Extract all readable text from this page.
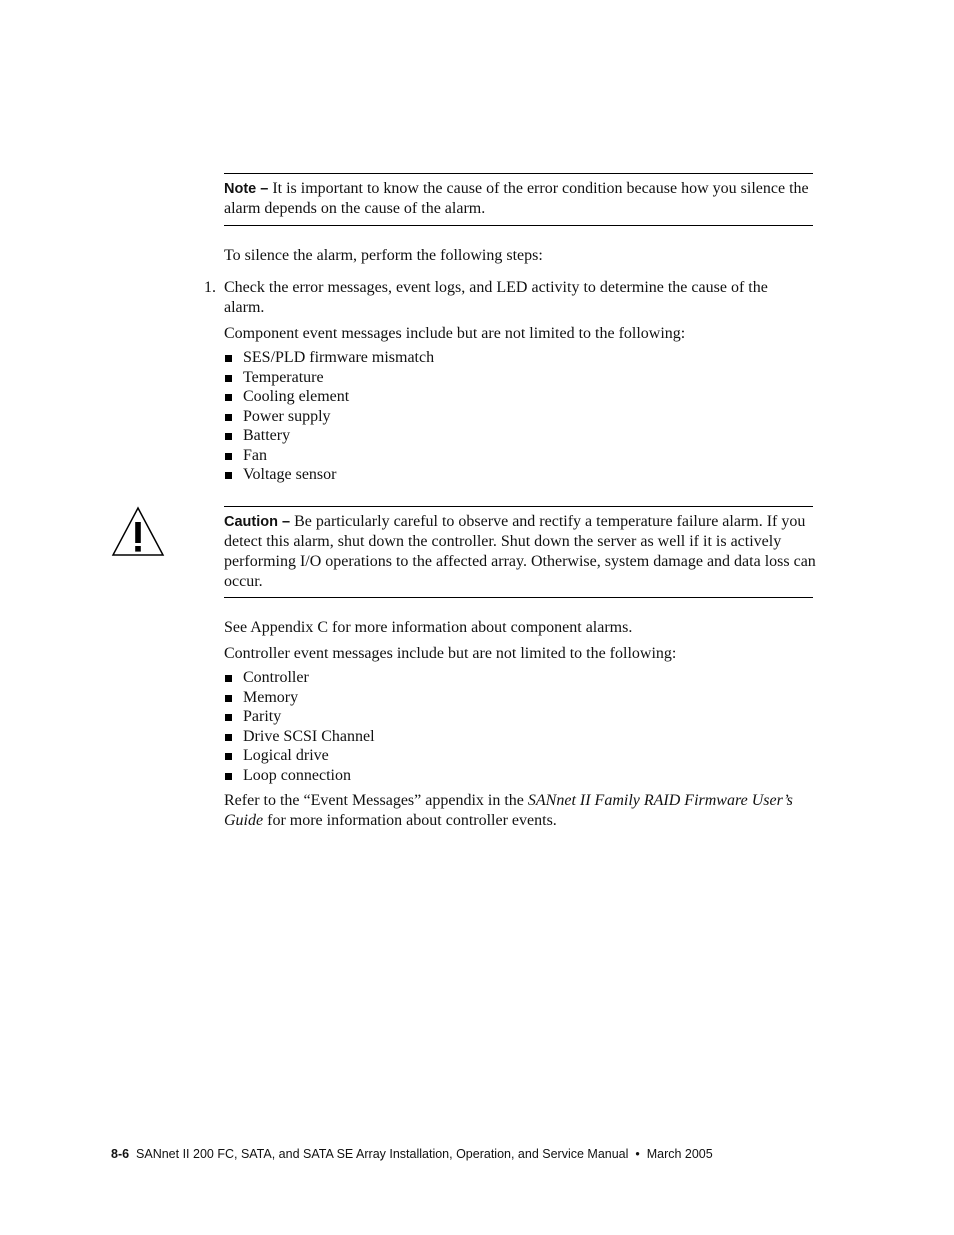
Note – It is important to know the cause of the error condition because how you silence the alarm depends on the cause of the alarm.
To silence the alarm, perform the following steps:
1. Check the error messages, event logs, and LED activity to determine the cause of the alarm.
Component event messages include but are not limited to the following:
SES/PLD firmware mismatch
Temperature
Cooling element
Power supply
Battery
Fan
Voltage sensor
Caution – Be particularly careful to observe and rectify a temperature failure alarm. If you detect this alarm, shut down the controller. Shut down the server as well if it is actively performing I/O operations to the affected array. Otherwise, system damage and data loss can occur.
See Appendix C for more information about component alarms.
Controller event messages include but are not limited to the following:
Controller
Memory
Parity
Drive SCSI Channel
Logical drive
Loop connection
Refer to the “Event Messages” appendix in the SANnet II Family RAID Firmware User’s Guide for more information about controller events.
8-6 SANnet II 200 FC, SATA, and SATA SE Array Installation, Operation, and Service Manual • March 2005
